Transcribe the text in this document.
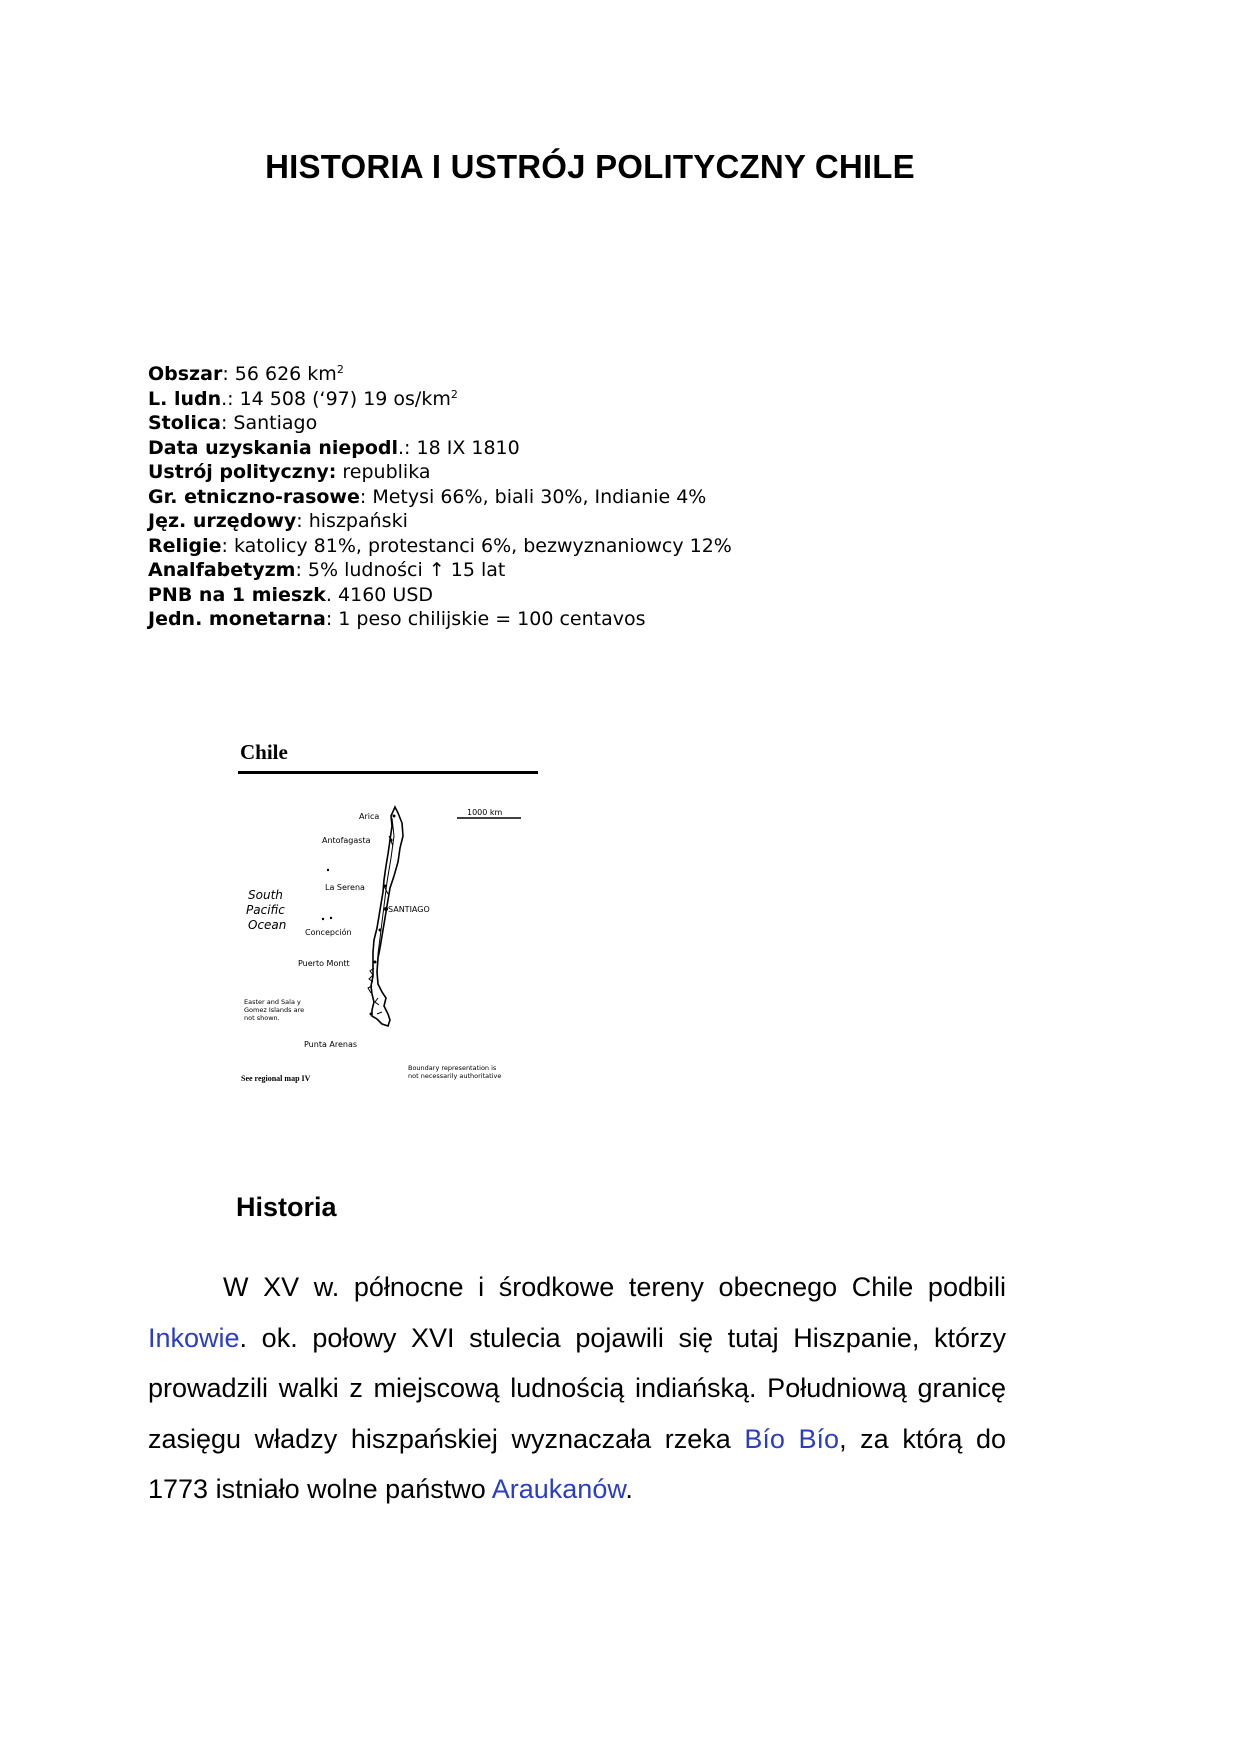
HISTORIA I USTRÓJ POLITYCZNY CHILE
Obszar: 56 626 $km^2$
L. ludn.: 14 508 (‘97) 19 $os/km^2$
Stolica: Santiago
Data uzyskania niepodl.: 18 IX 1810
Ustrój polityczny: republika
Gr. etniczno-rasowe: Metysi 66%, biali 30%, Indianie 4%
Jęz. urzędowy: hiszpański
Religie: katolicy 81%, protestanci 6%, bezwyznaniowcy 12%
Analfabetyzm: 5% ludności ↑ 15 lat
PNB na 1 mieszk. 4160 USD
Jedn. monetarna: 1 peso chilijskie = 100 centavos
Chile
1000 km
Arica
Antofagasta
La Serena
SANTIAGO
Concepción
Puerto Montt
Punta Arenas
South
Pacific
Ocean
Easter and Sala y
Gomez Islands are
not shown.
Boundary representation is
not necessarily authoritative
See regional map IV
Historia
W XV w. północne i środkowe tereny obecnego Chile podbili Inkowie. ok. połowy XVI stulecia pojawili się tutaj Hiszpanie, którzy prowadzili walki z miejscową ludnością indiańską. Południową granicę zasięgu władzy hiszpańskiej wyznaczała rzeka Bío Bío, za którą do 1773 istniało wolne państwo Araukanów.
